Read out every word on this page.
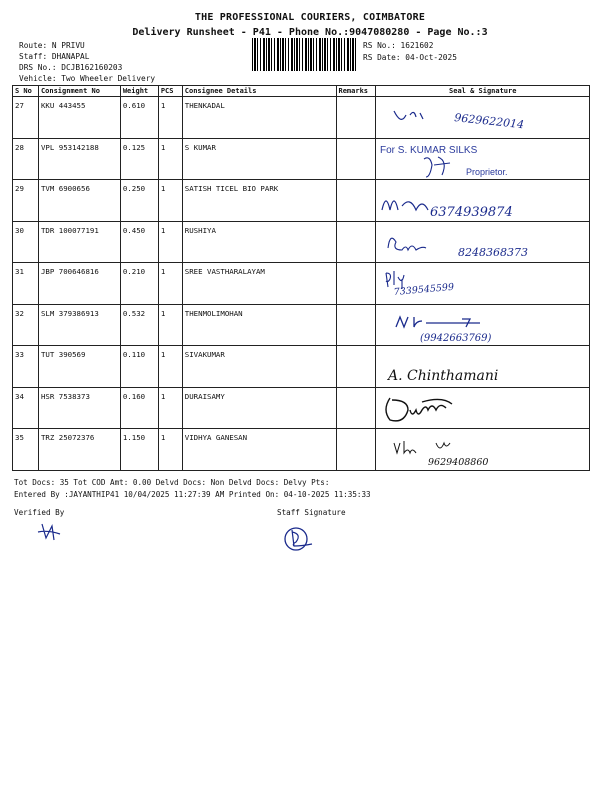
THE PROFESSIONAL COURIERS, COIMBATORE
Delivery Runsheet - P41 - Phone No.:9047080280 - Page No.:3
Route: N PRIVU
Staff: DHANAPAL
DRS No.: DCJB162160203
Vehicle: Two Wheeler Delivery
RS No.: 1621602
RS Date: 04-Oct-2025
S No	Consignment No	Weight	PCS	Consignee Details	Remarks	Seal & Signature
27	KKU 443455	0.610	1	THENKADAL		9629622014

28	VPL 953142188	0.125	1	S KUMAR		For S. KUMAR SILKS
Proprietor.

29	TVM 6900656	0.250	1	SATISH TICEL BIO PARK		6374939874

30	TDR 100077191	0.450	1	RUSHIYA		8248368373

31	JBP 700646816	0.210	1	SREE VASTHARALAYAM		7339545599

32	SLM 379386913	0.532	1	THENMOLIMOHAN		(9942663769)

33	TUT 390569	0.110	1	SIVAKUMAR		A. Chinthamani

34	HSR 7538373	0.160	1	DURAISAMY		

35	TRZ 25072376	1.150	1	VIDHYA GANESAN		9629408860
Tot Docs: 35 Tot COD Amt: 0.00 Delvd Docs: Non Delvd Docs: Delvy Pts:
Entered By :JAYANTHIP41 10/04/2025 11:27:39 AM Printed On: 04-10-2025 11:35:33
Verified By	Staff Signature
